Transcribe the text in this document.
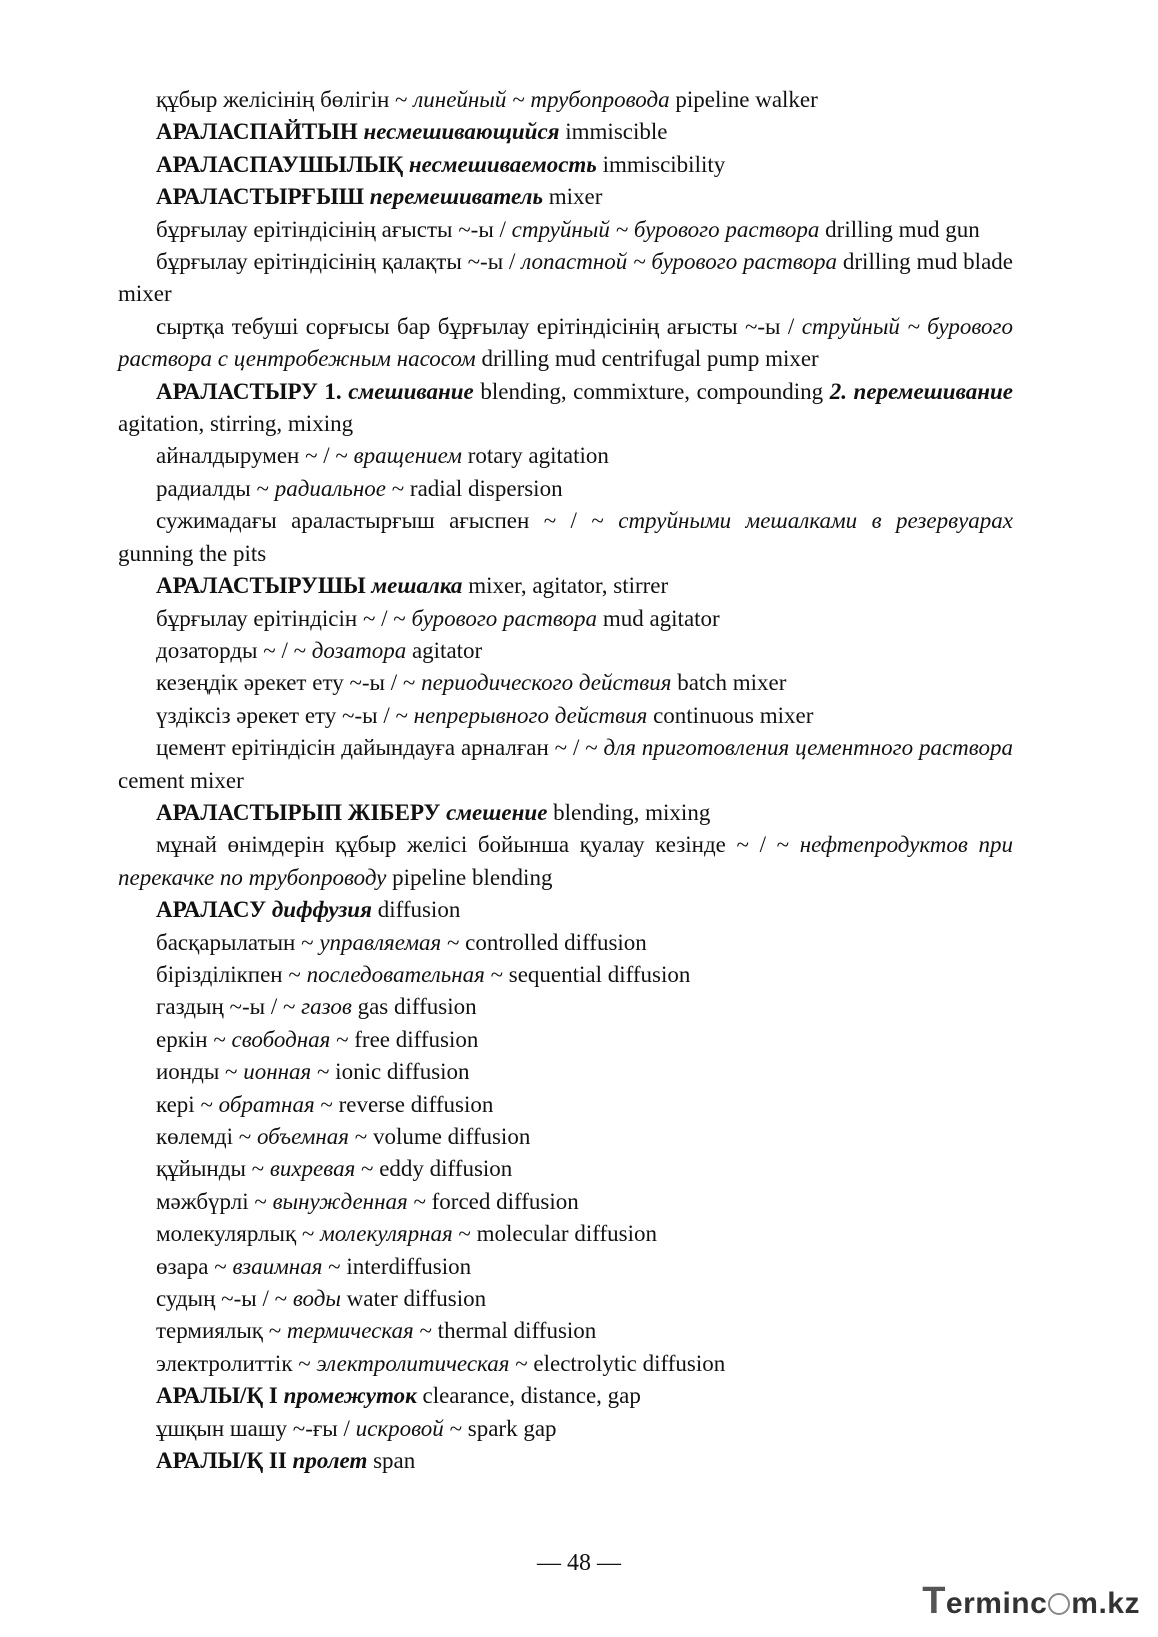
құбыр желісінің бөлігін ~ линейный ~ трубопровода pipeline walker

АРАЛАСПАЙТЫН несмешивающийся immiscible

АРАЛАСПАУШЫЛЫҚ несмешиваемость immiscibility

АРАЛАСТЫРҒЫШ перемешиватель mixer

бұрғылау ерітіндісінің ағысты ~-ы / струйный ~ бурового раствора drilling mud gun

бұрғылау ерітіндісінің қалақты ~-ы / лопастной ~ бурового раствора drilling mud blade mixer

сыртқа тебуші сорғысы бар бұрғылау ерітіндісінің ағысты ~-ы / струйный ~ бурового раствора с центробежным насосом drilling mud centrifugal pump mixer

АРАЛАСТЫРУ 1. смешивание blending, commixture, compounding 2. перемешивание agitation, stirring, mixing

айналдырумен ~ / ~ вращением rotary agitation

радиалды ~ радиальное ~ radial dispersion

сужимадағы араластырғыш ағыспен ~ / ~ струйными мешалками в резервуарах gunning the pits

АРАЛАСТЫРУШЫ мешалка mixer, agitator, stirrer

бұрғылау ерітіндісін ~ / ~ бурового раствора mud agitator

дозаторды ~ / ~ дозатора agitator

кезеңдік әрекет ету ~-ы / ~ периодического действия batch mixer

үздіксіз әрекет ету ~-ы / ~ непрерывного действия continuous mixer

цемент ерітіндісін дайындауға арналған ~ / ~ для приготовления цементного раствора cement mixer

АРАЛАСТЫРЫП ЖІБЕРУ смешение blending, mixing

мұнай өнімдерін құбыр желісі бойынша қуалау кезінде ~ / ~ нефтепродуктов при перекачке по трубопроводу pipeline blending

АРАЛАСУ диффузия diffusion

басқарылатын ~ управляемая ~ controlled diffusion

бірізділікпен ~ последовательная ~ sequential diffusion

газдың ~-ы / ~ газов gas diffusion

еркін ~ свободная ~ free diffusion

ионды ~ ионная ~ ionic diffusion

кері ~ обратная ~ reverse diffusion

көлемді ~ объемная ~ volume diffusion

құйынды ~ вихревая ~ eddy diffusion

мәжбүрлі ~ вынужденная ~ forced diffusion

молекулярлық ~ молекулярная ~ molecular diffusion

өзара ~ взаимная ~ interdiffusion

судың ~-ы / ~ воды water diffusion

термиялық ~ термическая ~ thermal diffusion

электролиттік ~ электролитическая ~ electrolytic diffusion

АРАЛЫ/Қ I промежуток clearance, distance, gap

ұшқын шашу ~-ғы / искровой ~ spark gap

АРАЛЫ/Қ II пролет span

— 48 —
Terminc m.kz
